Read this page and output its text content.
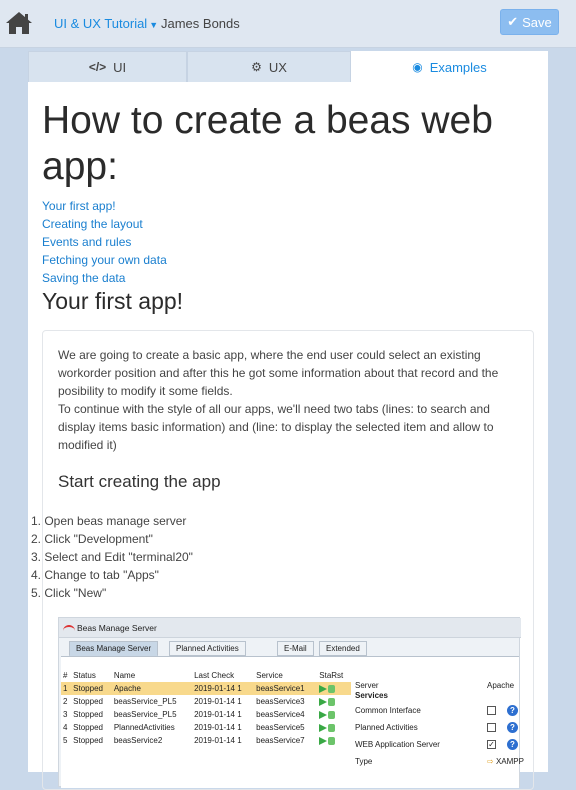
UI & UX Tutorial ▼ James Bonds	✔ Save
</> UI	⚙ UX	◉ Examples
How to create a beas web app:
Your first app!
Creating the layout
Events and rules
Fetching your own data
Saving the data
Your first app!

We are going to create a basic app, where the end user could select an existing workorder position and after this he got some information about that record and the posibility to modify it some fields.

To continue with the style of all our apps, we'll need two tabs (lines: to search and display items basic information) and (line: to display the selected item and allow to modified it)

Start creating the app
1. Open beas manage server
2. Click "Development"
3. Select and Edit "terminal20"
4. Change to tab "Apps"
5. Click "New"
Beas Manage Server
Beas Manage Server	Planned Activities	E-Mail	Extended
#	Status	Name	Last Check	Service	StaRst
1	Stopped	Apache	2019-01-14 1	beasService1	
2	Stopped	beasService_PL5	2019-01-14 1	beasService3	
3	Stopped	beasService_PL5	2019-01-14 1	beasService4	
4	Stopped	PlannedActivities	2019-01-14 1	beasService5	
5	Stopped	beasService2	2019-01-14 1	beasService7	
Server	Apache
Services
Common Interface	?
Planned Activities	?
WEB Application Server	✓	?
Type	⇨ XAMPP
